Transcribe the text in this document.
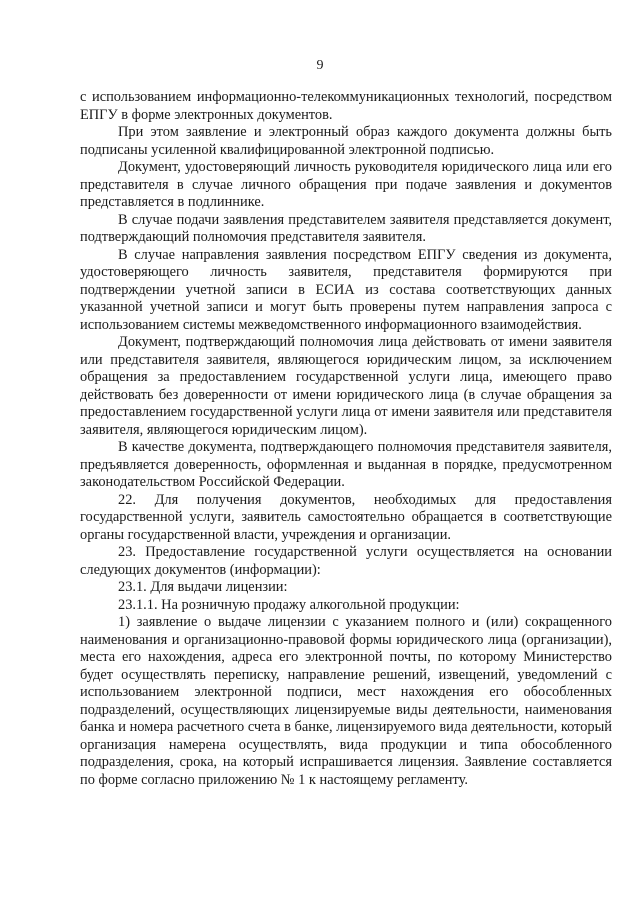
9

с использованием информационно-телекоммуникационных технологий, посредством ЕПГУ в форме электронных документов.

При этом заявление и электронный образ каждого документа должны быть подписаны усиленной квалифицированной электронной подписью.

Документ, удостоверяющий личность руководителя юридического лица или его представителя в случае личного обращения при подаче заявления и документов представляется в подлиннике.

В случае подачи заявления представителем заявителя представляется документ, подтверждающий полномочия представителя заявителя.

В случае направления заявления посредством ЕПГУ сведения из документа, удостоверяющего личность заявителя, представителя формируются при подтверждении учетной записи в ЕСИА из состава соответствующих данных указанной учетной записи и могут быть проверены путем направления запроса с использованием системы межведомственного информационного взаимодействия.

Документ, подтверждающий полномочия лица действовать от имени заявителя или представителя заявителя, являющегося юридическим лицом, за исключением обращения за предоставлением государственной услуги лица, имеющего право действовать без доверенности от имени юридического лица (в случае обращения за предоставлением государственной услуги лица от имени заявителя или представителя заявителя, являющегося юридическим лицом).

В качестве документа, подтверждающего полномочия представителя заявителя, предъявляется доверенность, оформленная и выданная в порядке, предусмотренном законодательством Российской Федерации.

22. Для получения документов, необходимых для предоставления государственной услуги, заявитель самостоятельно обращается в соответствующие органы государственной власти, учреждения и организации.

23. Предоставление государственной услуги осуществляется на основании следующих документов (информации):

23.1. Для выдачи лицензии:

23.1.1. На розничную продажу алкогольной продукции:

1) заявление о выдаче лицензии с указанием полного и (или) сокращенного наименования и организационно-правовой формы юридического лица (организации), места его нахождения, адреса его электронной почты, по которому Министерство будет осуществлять переписку, направление решений, извещений, уведомлений с использованием электронной подписи, мест нахождения его обособленных подразделений, осуществляющих лицензируемые виды деятельности, наименования банка и номера расчетного счета в банке, лицензируемого вида деятельности, который организация намерена осуществлять, вида продукции и типа обособленного подразделения, срока, на который испрашивается лицензия. Заявление составляется по форме согласно приложению № 1 к настоящему регламенту.
